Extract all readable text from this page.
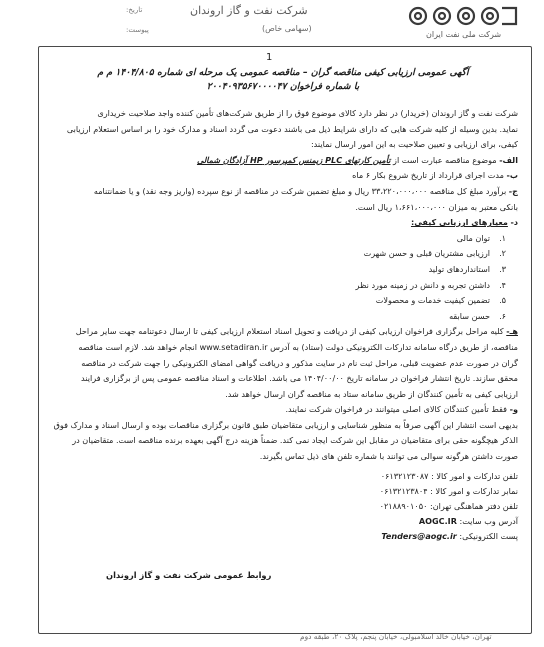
شرکت ملی نفت ایران
شرکت نفت و گاز اروندان
(سهامی خاص)
تاریخ:
پیوست:
1
آگهی عمومی ارزیابی کیفی مناقصه گران – مناقصه عمومی یک مرحله ای شماره ۱۴۰۴/۸۰۵ م م
با شماره فراخوان ۲۰۰۴۰۹۳۵۶۷۰۰۰۰۴۷

شرکت نفت و گاز اروندان (خریدار) در نظر دارد کالای موضوع فوق را از طریق شرکت‌های تأمین کننده واجد صلاحیت خریداری

نماید. بدین وسیله از کلیه شرکت هایی که دارای شرایط ذیل می باشند دعوت می گردد اسناد و مدارک خود را بر اساس استعلام ارزیابی

کیفی، برای ارزیابی و تعیین صلاحیت به این امور ارسال نمایند:

الف- موضوع مناقصه عبارت است از تأمین کارتهای PLC زیمنس کمپرسور HP آزادگان شمالی

ب- مدت اجرای قرارداد از تاریخ شروع بکار ۶ ماه

ج- برآورد مبلغ کل مناقصه ۳۳،۲۲۰،۰۰۰،۰۰۰ ریال و مبلغ تضمین شرکت در مناقصه از نوع سپرده (واریز وجه نقد) و یا ضمانتنامه

بانکی معتبر به میزان ۱،۶۶۱،۰۰۰،۰۰۰ ریال است.

د- معیارهای ارزیابی کیفی:

۱.توان مالی
۲.ارزیابی مشتریان قبلی و حسن شهرت
۳.استانداردهای تولید
۴.داشتن تجربه و دانش در زمینه مورد نظر
۵.تضمین کیفیت خدمات و محصولات
۶.حسن سابقه

هـ- کلیه مراحل برگزاری فراخوان ارزیابی کیفی از دریافت و تحویل اسناد استعلام ارزیابی کیفی تا ارسال دعوتنامه جهت سایر مراحل

مناقصه، از طریق درگاه سامانه تدارکات الکترونیکی دولت (ستاد) به آدرس www.setadiran.ir انجام خواهد شد. لازم است مناقصه

گران در صورت عدم عضویت قبلی، مراحل ثبت نام در سایت مذکور و دریافت گواهی امضای الکترونیکی را جهت شرکت در مناقصه

محقق سازند. تاریخ انتشار فراخوان در سامانه تاریخ ۱۴۰۴/۰۰/۰۰ می باشد. اطلاعات و اسناد مناقصه عمومی پس از برگزاری فرایند

ارزیابی کیفی به تأمین کنندگان از طریق سامانه ستاد به مناقصه گران ارسال خواهد شد.

و- فقط تأمین کنندگان کالای اصلی میتوانند در فراخوان شرکت نمایند.

بدیهی است انتشار این آگهی صرفاً به منظور شناسایی و ارزیابی متقاضیان طبق قانون برگزاری مناقصات بوده و ارسال اسناد و مدارک فوق

الذکر هیچگونه حقی برای متقاضیان در مقابل این شرکت ایجاد نمی کند. ضمناً هزینه درج آگهی بعهده برنده مناقصه است. متقاضیان در

صورت داشتن هرگونه سوالی می توانند با شماره تلفن های ذیل تماس بگیرند.

تلفن تدارکات و امور کالا : ۰۶۱۳۲۱۲۳۰۸۷
نمابر تدارکات و امور کالا : ۰۶۱۳۲۱۲۳۸۰۴
تلفن دفتر هماهنگی تهران: ۰۲۱۸۸۹۰۱۰۵۰
آدرس وب سایت: AOGC.IR
پست الکترونیکی: Tenders@aogc.ir
روابط عمومی شرکت نفت و گاز اروندان
تهران، خیابان خالد اسلامبولی، خیابان پنجم، پلاک ۲۰، طبقه دوم
